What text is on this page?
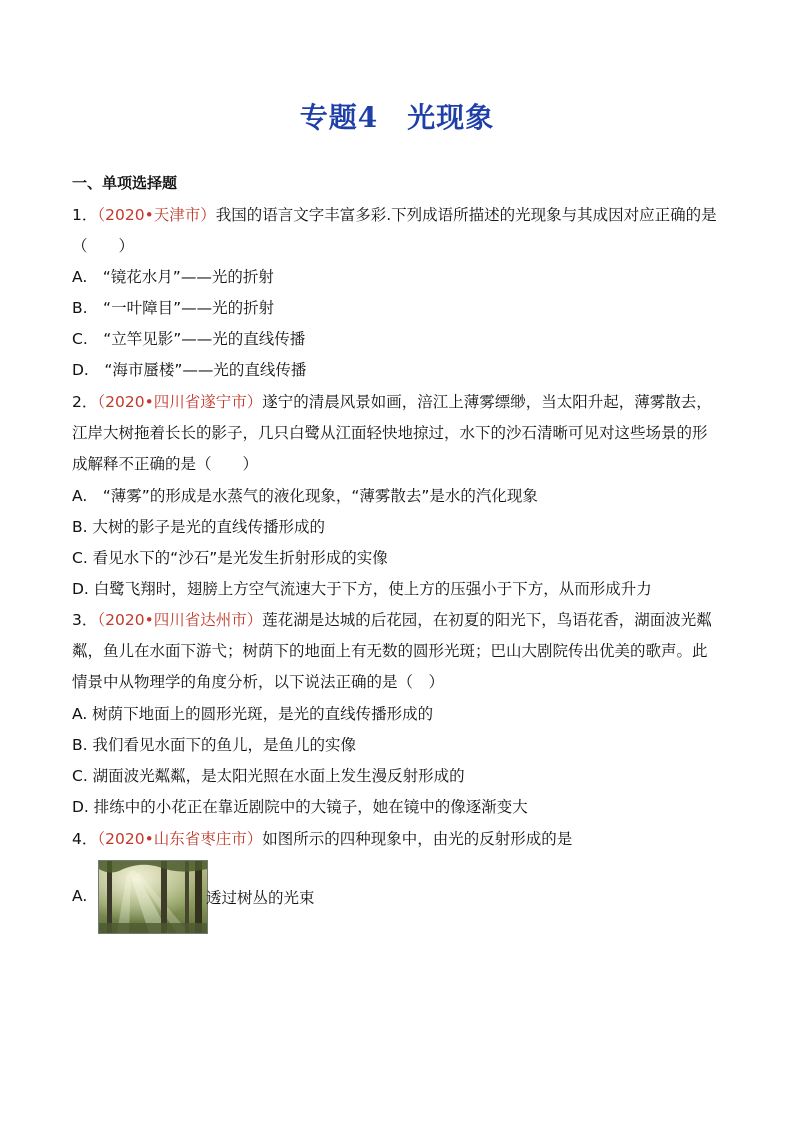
专题4　光现象
一、单项选择题
1．（2020•天津市）我国的语言文字丰富多彩.下列成语所描述的光现象与其成因对应正确的是
（　　）
A.　“镜花水月”——光的折射
B.　“一叶障目”——光的折射
C.　“立竿见影”——光的直线传播
D.　“海市蜃楼”——光的直线传播
2．（2020•四川省遂宁市）遂宁的清晨风景如画，涪江上薄雾缥缈，当太阳升起，薄雾散去，
江岸大树拖着长长的影子，几只白鹭从江面轻快地掠过，水下的沙石清晰可见对这些场景的形
成解释不正确的是（　　）
A.　“薄雾”的形成是水蒸气的液化现象，“薄雾散去”是水的汽化现象
B. 大树的影子是光的直线传播形成的
C. 看见水下的“沙石”是光发生折射形成的实像
D. 白鹭飞翔时，翅膀上方空气流速大于下方，使上方的压强小于下方，从而形成升力
3．（2020•四川省达州市）莲花湖是达城的后花园，在初夏的阳光下，鸟语花香，湖面波光粼
粼，鱼儿在水面下游弋；树荫下的地面上有无数的圆形光斑；巴山大剧院传出优美的歌声。此
情景中从物理学的角度分析，以下说法正确的是（　）
A. 树荫下地面上的圆形光斑，是光的直线传播形成的
B. 我们看见水面下的鱼儿，是鱼儿的实像
C. 湖面波光粼粼，是太阳光照在水面上发生漫反射形成的
D. 排练中的小花正在靠近剧院中的大镜子，她在镜中的像逐渐变大
4．（2020•山东省枣庄市）如图所示的四种现象中，由光的反射形成的是
A.	透过树丛的光束
